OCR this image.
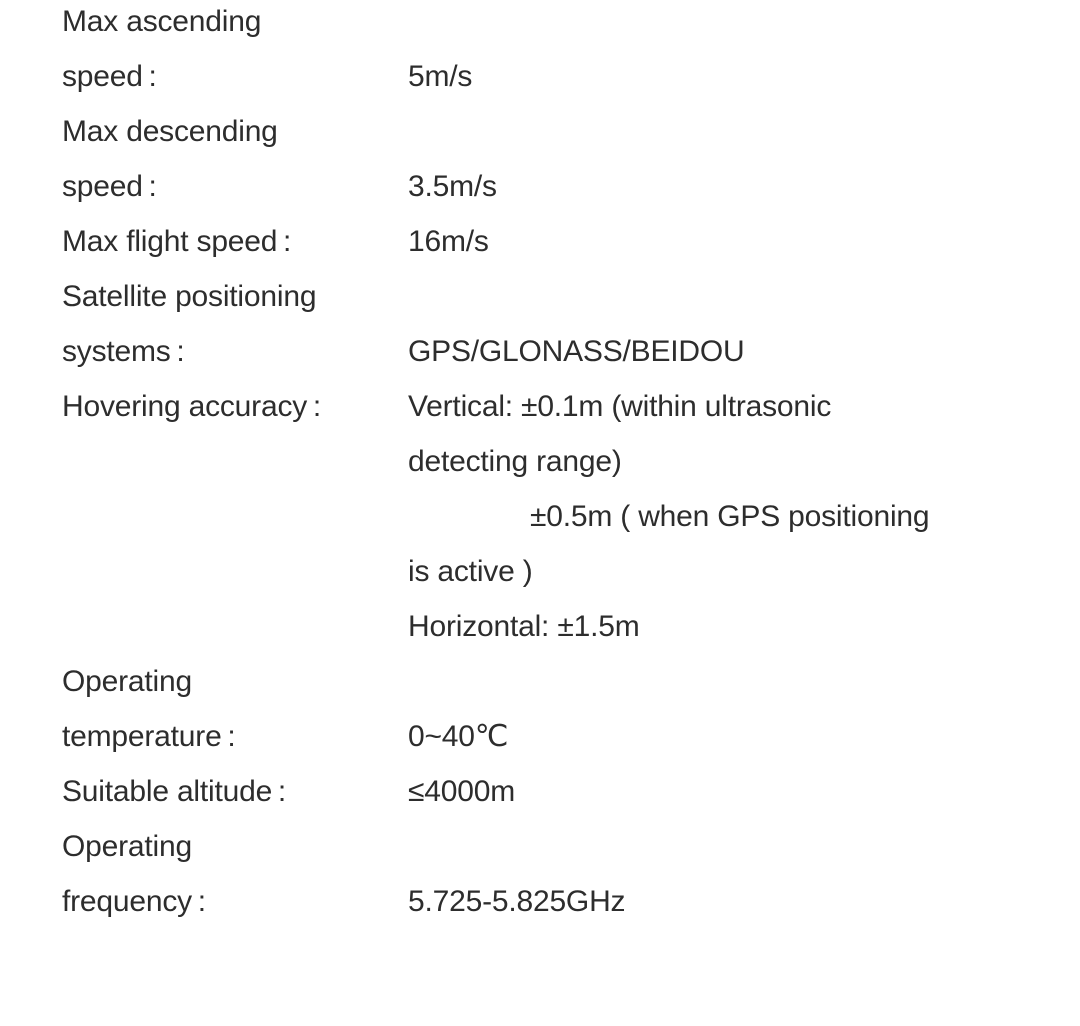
Max ascending
speed :	5m/s
Max descending
speed :	3.5m/s
Max flight speed :	16m/s
Satellite positioning
systems :	GPS/GLONASS/BEIDOU
Hovering accuracy :	Vertical: ±0.1m (within ultrasonic
detecting range)
±0.5m ( when GPS positioning
is active )
Horizontal: ±1.5m
Operating
temperature :	0~40℃
Suitable altitude :	≤4000m
Operating
frequency :	5.725-5.825GHz
